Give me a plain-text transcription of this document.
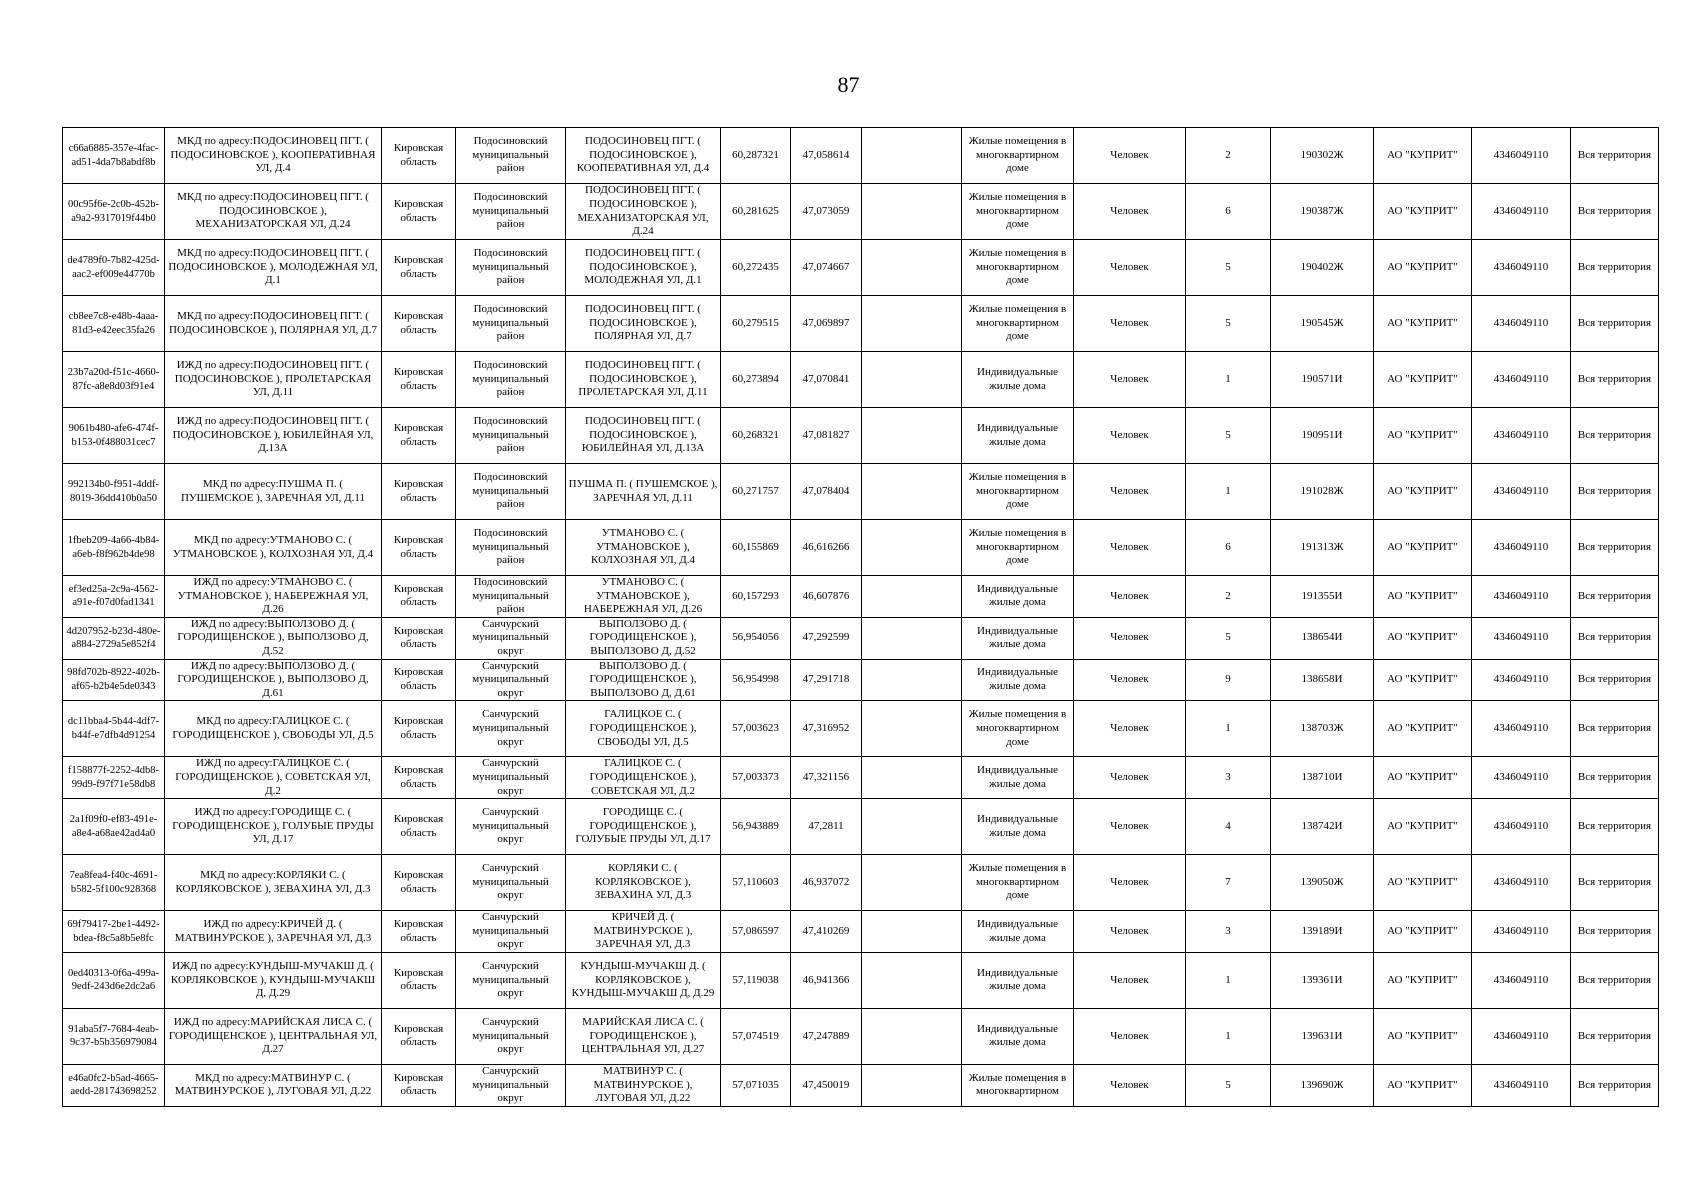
87
c66a6885-357e-4fac-ad51-4da7b8abdf8b	МКД по адресу:ПОДОСИНОВЕЦ ПГТ. ( ПОДОСИНОВСКОЕ ), КООПЕРАТИВНАЯ УЛ, Д.4	Кировская область	Подосиновский муниципальный район	ПОДОСИНОВЕЦ ПГТ. ( ПОДОСИНОВСКОЕ ), КООПЕРАТИВНАЯ УЛ, Д.4	60,287321	47,058614		Жилые помещения в многоквартирном доме	Человек	2	190302Ж	АО "КУПРИТ"	4346049110	Вся территория
00c95f6e-2c0b-452b-a9a2-9317019f44b0	МКД по адресу:ПОДОСИНОВЕЦ ПГТ. ( ПОДОСИНОВСКОЕ ), МЕХАНИЗАТОРСКАЯ УЛ, Д.24	Кировская область	Подосиновский муниципальный район	ПОДОСИНОВЕЦ ПГТ. ( ПОДОСИНОВСКОЕ ), МЕХАНИЗАТОРСКАЯ УЛ, Д.24	60,281625	47,073059		Жилые помещения в многоквартирном доме	Человек	6	190387Ж	АО "КУПРИТ"	4346049110	Вся территория
de4789f0-7b82-425d-aac2-ef009e44770b	МКД по адресу:ПОДОСИНОВЕЦ ПГТ. ( ПОДОСИНОВСКОЕ ), МОЛОДЕЖНАЯ УЛ, Д.1	Кировская область	Подосиновский муниципальный район	ПОДОСИНОВЕЦ ПГТ. ( ПОДОСИНОВСКОЕ ), МОЛОДЕЖНАЯ УЛ, Д.1	60,272435	47,074667		Жилые помещения в многоквартирном доме	Человек	5	190402Ж	АО "КУПРИТ"	4346049110	Вся территория
cb8ee7c8-e48b-4aaa-81d3-e42eec35fa26	МКД по адресу:ПОДОСИНОВЕЦ ПГТ. ( ПОДОСИНОВСКОЕ ), ПОЛЯРНАЯ УЛ, Д.7	Кировская область	Подосиновский муниципальный район	ПОДОСИНОВЕЦ ПГТ. ( ПОДОСИНОВСКОЕ ), ПОЛЯРНАЯ УЛ, Д.7	60,279515	47,069897		Жилые помещения в многоквартирном доме	Человек	5	190545Ж	АО "КУПРИТ"	4346049110	Вся территория
23b7a20d-f51c-4660-87fc-a8e8d03f91e4	ИЖД по адресу:ПОДОСИНОВЕЦ ПГТ. ( ПОДОСИНОВСКОЕ ), ПРОЛЕТАРСКАЯ УЛ, Д.11	Кировская область	Подосиновский муниципальный район	ПОДОСИНОВЕЦ ПГТ. ( ПОДОСИНОВСКОЕ ), ПРОЛЕТАРСКАЯ УЛ, Д.11	60,273894	47,070841		Индивидуальные жилые дома	Человек	1	190571И	АО "КУПРИТ"	4346049110	Вся территория
9061b480-afe6-474f-b153-0f488031cec7	ИЖД по адресу:ПОДОСИНОВЕЦ ПГТ. ( ПОДОСИНОВСКОЕ ), ЮБИЛЕЙНАЯ УЛ, Д.13А	Кировская область	Подосиновский муниципальный район	ПОДОСИНОВЕЦ ПГТ. ( ПОДОСИНОВСКОЕ ), ЮБИЛЕЙНАЯ УЛ, Д.13А	60,268321	47,081827		Индивидуальные жилые дома	Человек	5	190951И	АО "КУПРИТ"	4346049110	Вся территория
992134b0-f951-4ddf-8019-36dd410b0a50	МКД по адресу:ПУШМА П. ( ПУШЕМСКОЕ ), ЗАРЕЧНАЯ УЛ, Д.11	Кировская область	Подосиновский муниципальный район	ПУШМА П. ( ПУШЕМСКОЕ ), ЗАРЕЧНАЯ УЛ, Д.11	60,271757	47,078404		Жилые помещения в многоквартирном доме	Человек	1	191028Ж	АО "КУПРИТ"	4346049110	Вся территория
1fbeb209-4a66-4b84-a6eb-f8f962b4de98	МКД по адресу:УТМАНОВО С. ( УТМАНОВСКОЕ ), КОЛХОЗНАЯ УЛ, Д.4	Кировская область	Подосиновский муниципальный район	УТМАНОВО С. ( УТМАНОВСКОЕ ), КОЛХОЗНАЯ УЛ, Д.4	60,155869	46,616266		Жилые помещения в многоквартирном доме	Человек	6	191313Ж	АО "КУПРИТ"	4346049110	Вся территория
ef3ed25a-2c9a-4562-a91e-f07d0fad1341	ИЖД по адресу:УТМАНОВО С. ( УТМАНОВСКОЕ ), НАБЕРЕЖНАЯ УЛ, Д.26	Кировская область	Подосиновский муниципальный район	УТМАНОВО С. ( УТМАНОВСКОЕ ), НАБЕРЕЖНАЯ УЛ, Д.26	60,157293	46,607876		Индивидуальные жилые дома	Человек	2	191355И	АО "КУПРИТ"	4346049110	Вся территория
4d207952-b23d-480e-a884-2729a5e852f4	ИЖД по адресу:ВЫПОЛЗОВО Д. ( ГОРОДИЩЕНСКОЕ ), ВЫПОЛЗОВО Д, Д.52	Кировская область	Санчурский муниципальный округ	ВЫПОЛЗОВО Д. ( ГОРОДИЩЕНСКОЕ ), ВЫПОЛЗОВО Д, Д.52	56,954056	47,292599		Индивидуальные жилые дома	Человек	5	138654И	АО "КУПРИТ"	4346049110	Вся территория
98fd702b-8922-402b-af65-b2b4e5de0343	ИЖД по адресу:ВЫПОЛЗОВО Д. ( ГОРОДИЩЕНСКОЕ ), ВЫПОЛЗОВО Д, Д.61	Кировская область	Санчурский муниципальный округ	ВЫПОЛЗОВО Д. ( ГОРОДИЩЕНСКОЕ ), ВЫПОЛЗОВО Д, Д.61	56,954998	47,291718		Индивидуальные жилые дома	Человек	9	138658И	АО "КУПРИТ"	4346049110	Вся территория
dc11bba4-5b44-4df7-b44f-e7dfb4d91254	МКД по адресу:ГАЛИЦКОЕ С. ( ГОРОДИЩЕНСКОЕ ), СВОБОДЫ УЛ, Д.5	Кировская область	Санчурский муниципальный округ	ГАЛИЦКОЕ С. ( ГОРОДИЩЕНСКОЕ ), СВОБОДЫ УЛ, Д.5	57,003623	47,316952		Жилые помещения в многоквартирном доме	Человек	1	138703Ж	АО "КУПРИТ"	4346049110	Вся территория
f158877f-2252-4db8-99d9-f97f71e58db8	ИЖД по адресу:ГАЛИЦКОЕ С. ( ГОРОДИЩЕНСКОЕ ), СОВЕТСКАЯ УЛ, Д.2	Кировская область	Санчурский муниципальный округ	ГАЛИЦКОЕ С. ( ГОРОДИЩЕНСКОЕ ), СОВЕТСКАЯ УЛ, Д.2	57,003373	47,321156		Индивидуальные жилые дома	Человек	3	138710И	АО "КУПРИТ"	4346049110	Вся территория
2a1f09f0-ef83-491e-a8e4-a68ae42ad4a0	ИЖД по адресу:ГОРОДИЩЕ С. ( ГОРОДИЩЕНСКОЕ ), ГОЛУБЫЕ ПРУДЫ УЛ, Д.17	Кировская область	Санчурский муниципальный округ	ГОРОДИЩЕ С. ( ГОРОДИЩЕНСКОЕ ), ГОЛУБЫЕ ПРУДЫ УЛ, Д.17	56,943889	47,2811		Индивидуальные жилые дома	Человек	4	138742И	АО "КУПРИТ"	4346049110	Вся территория
7ea8fea4-f40c-4691-b582-5f100c928368	МКД по адресу:КОРЛЯКИ С. ( КОРЛЯКОВСКОЕ ), ЗЕВАХИНА УЛ, Д.3	Кировская область	Санчурский муниципальный округ	КОРЛЯКИ С. ( КОРЛЯКОВСКОЕ ), ЗЕВАХИНА УЛ, Д.3	57,110603	46,937072		Жилые помещения в многоквартирном доме	Человек	7	139050Ж	АО "КУПРИТ"	4346049110	Вся территория
69f79417-2be1-4492-bdea-f8c5a8b5e8fc	ИЖД по адресу:КРИЧЕЙ Д. ( МАТВИНУРСКОЕ ), ЗАРЕЧНАЯ УЛ, Д.3	Кировская область	Санчурский муниципальный округ	КРИЧЕЙ Д. ( МАТВИНУРСКОЕ ), ЗАРЕЧНАЯ УЛ, Д.3	57,086597	47,410269		Индивидуальные жилые дома	Человек	3	139189И	АО "КУПРИТ"	4346049110	Вся территория
0ed40313-0f6a-499a-9edf-243d6e2dc2a6	ИЖД по адресу:КУНДЫШ-МУЧАКШ Д. ( КОРЛЯКОВСКОЕ ), КУНДЫШ-МУЧАКШ Д, Д.29	Кировская область	Санчурский муниципальный округ	КУНДЫШ-МУЧАКШ Д. ( КОРЛЯКОВСКОЕ ), КУНДЫШ-МУЧАКШ Д, Д.29	57,119038	46,941366		Индивидуальные жилые дома	Человек	1	139361И	АО "КУПРИТ"	4346049110	Вся территория
91aba5f7-7684-4eab-9c37-b5b356979084	ИЖД по адресу:МАРИЙСКАЯ ЛИСА С. ( ГОРОДИЩЕНСКОЕ ), ЦЕНТРАЛЬНАЯ УЛ, Д.27	Кировская область	Санчурский муниципальный округ	МАРИЙСКАЯ ЛИСА С. ( ГОРОДИЩЕНСКОЕ ), ЦЕНТРАЛЬНАЯ УЛ, Д.27	57,074519	47,247889		Индивидуальные жилые дома	Человек	1	139631И	АО "КУПРИТ"	4346049110	Вся территория
e46a0fc2-b5ad-4665-aedd-281743698252	МКД по адресу:МАТВИНУР С. ( МАТВИНУРСКОЕ ), ЛУГОВАЯ УЛ, Д.22	Кировская область	Санчурский муниципальный округ	МАТВИНУР С. ( МАТВИНУРСКОЕ ), ЛУГОВАЯ УЛ, Д.22	57,071035	47,450019		Жилые помещения в многоквартирном	Человек	5	139690Ж	АО "КУПРИТ"	4346049110	Вся территория
